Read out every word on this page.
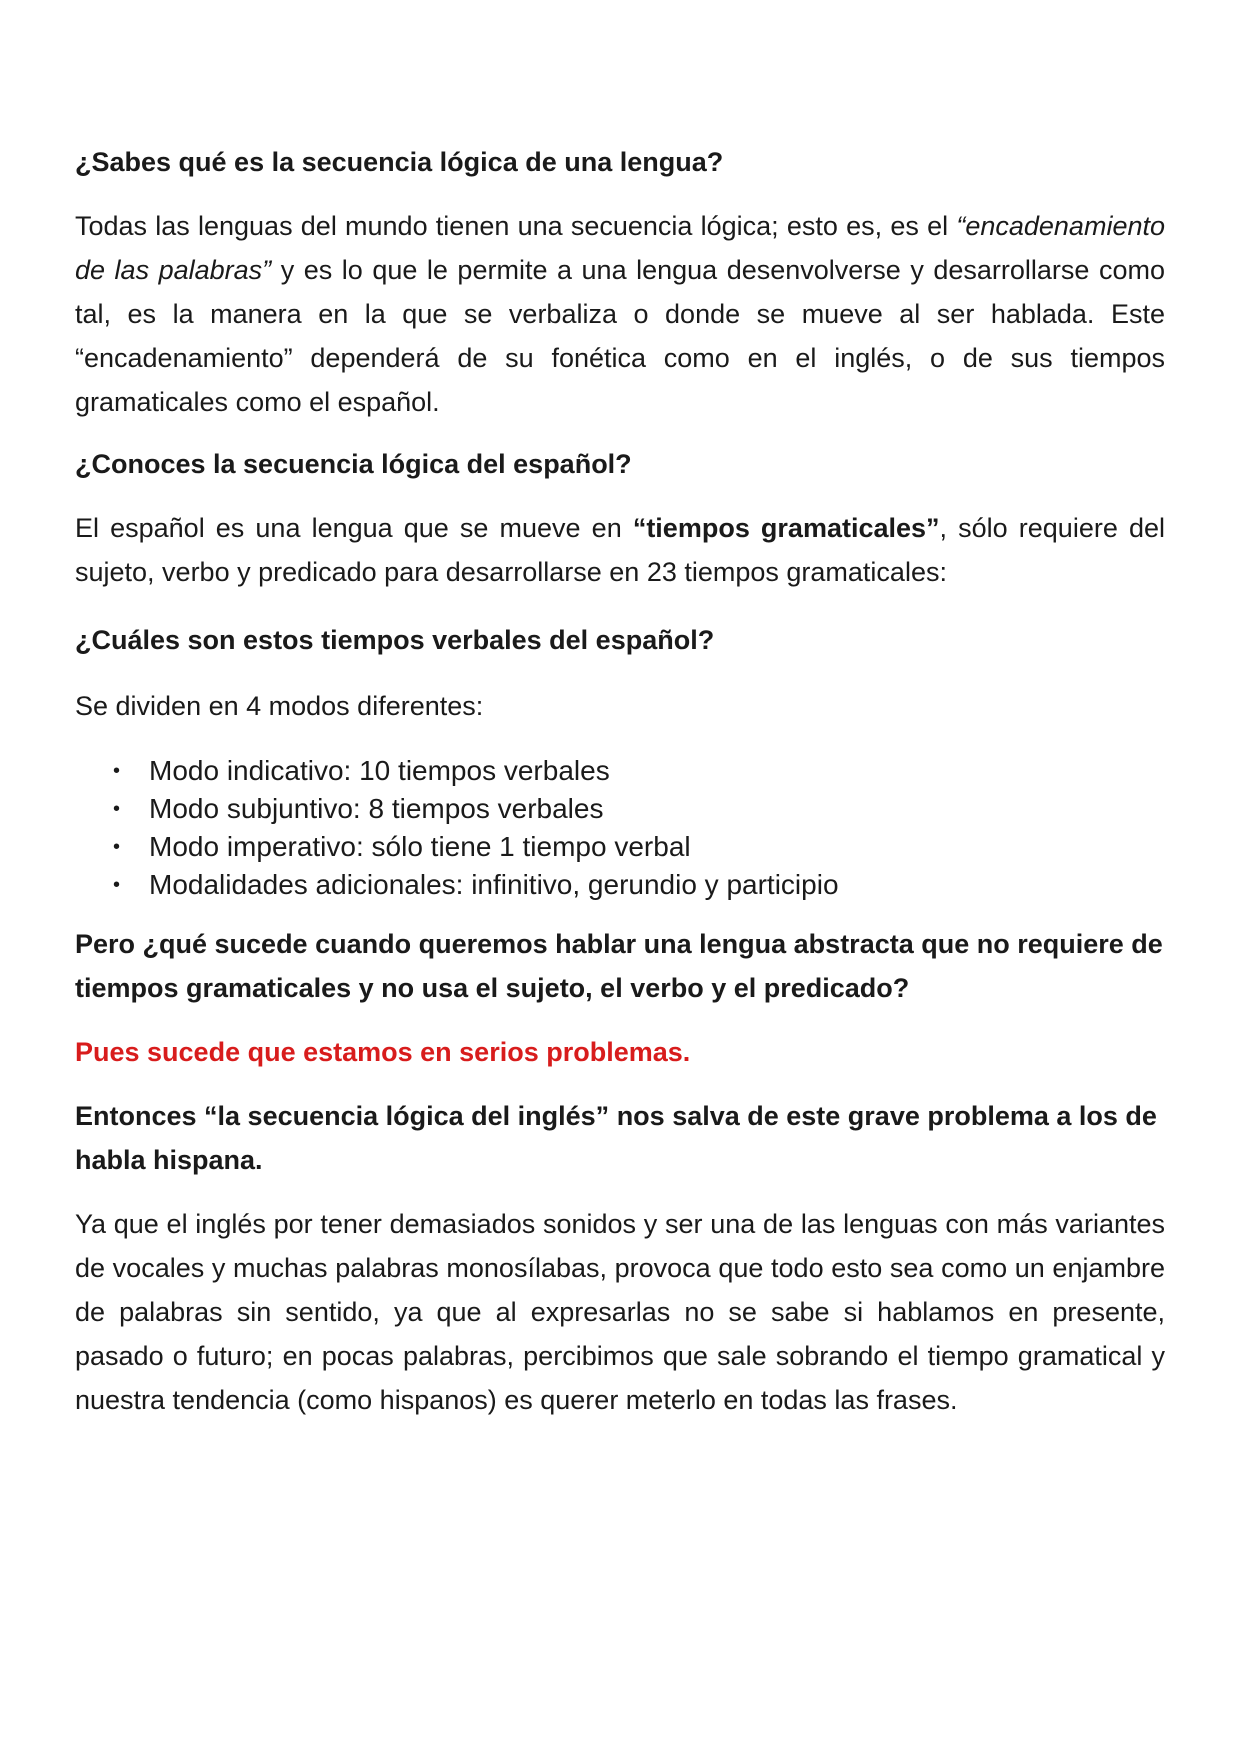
¿Sabes qué es la secuencia lógica de una lengua?

Todas las lenguas del mundo tienen una secuencia lógica; esto es, es el “encadenamiento de las palabras” y es lo que le permite a una lengua desenvolverse y desarrollarse como tal, es la manera en la que se verbaliza o donde se mueve al ser hablada. Este “encadenamiento” dependerá de su fonética como en el inglés, o de sus tiempos gramaticales como el español.

¿Conoces la secuencia lógica del español?

El español es una lengua que se mueve en “tiempos gramaticales”, sólo requiere del sujeto, verbo y predicado para desarrollarse en 23 tiempos gramaticales:

¿Cuáles son estos tiempos verbales del español?

Se dividen en 4 modos diferentes:

• Modo indicativo: 10 tiempos verbales
• Modo subjuntivo: 8 tiempos verbales
• Modo imperativo: sólo tiene 1 tiempo verbal
• Modalidades adicionales: infinitivo, gerundio y participio
Pero ¿qué sucede cuando queremos hablar una lengua abstracta que no requiere de tiempos gramaticales y no usa el sujeto, el verbo y el predicado?
Pues sucede que estamos en serios problemas.
Entonces “la secuencia lógica del inglés” nos salva de este grave problema a los de habla hispana.

Ya que el inglés por tener demasiados sonidos y ser una de las lenguas con más variantes de vocales y muchas palabras monosílabas, provoca que todo esto sea como un enjambre de palabras sin sentido, ya que al expresarlas no se sabe si hablamos en presente, pasado o futuro; en pocas palabras, percibimos que sale sobrando el tiempo gramatical y nuestra tendencia (como hispanos) es querer meterlo en todas las frases.
